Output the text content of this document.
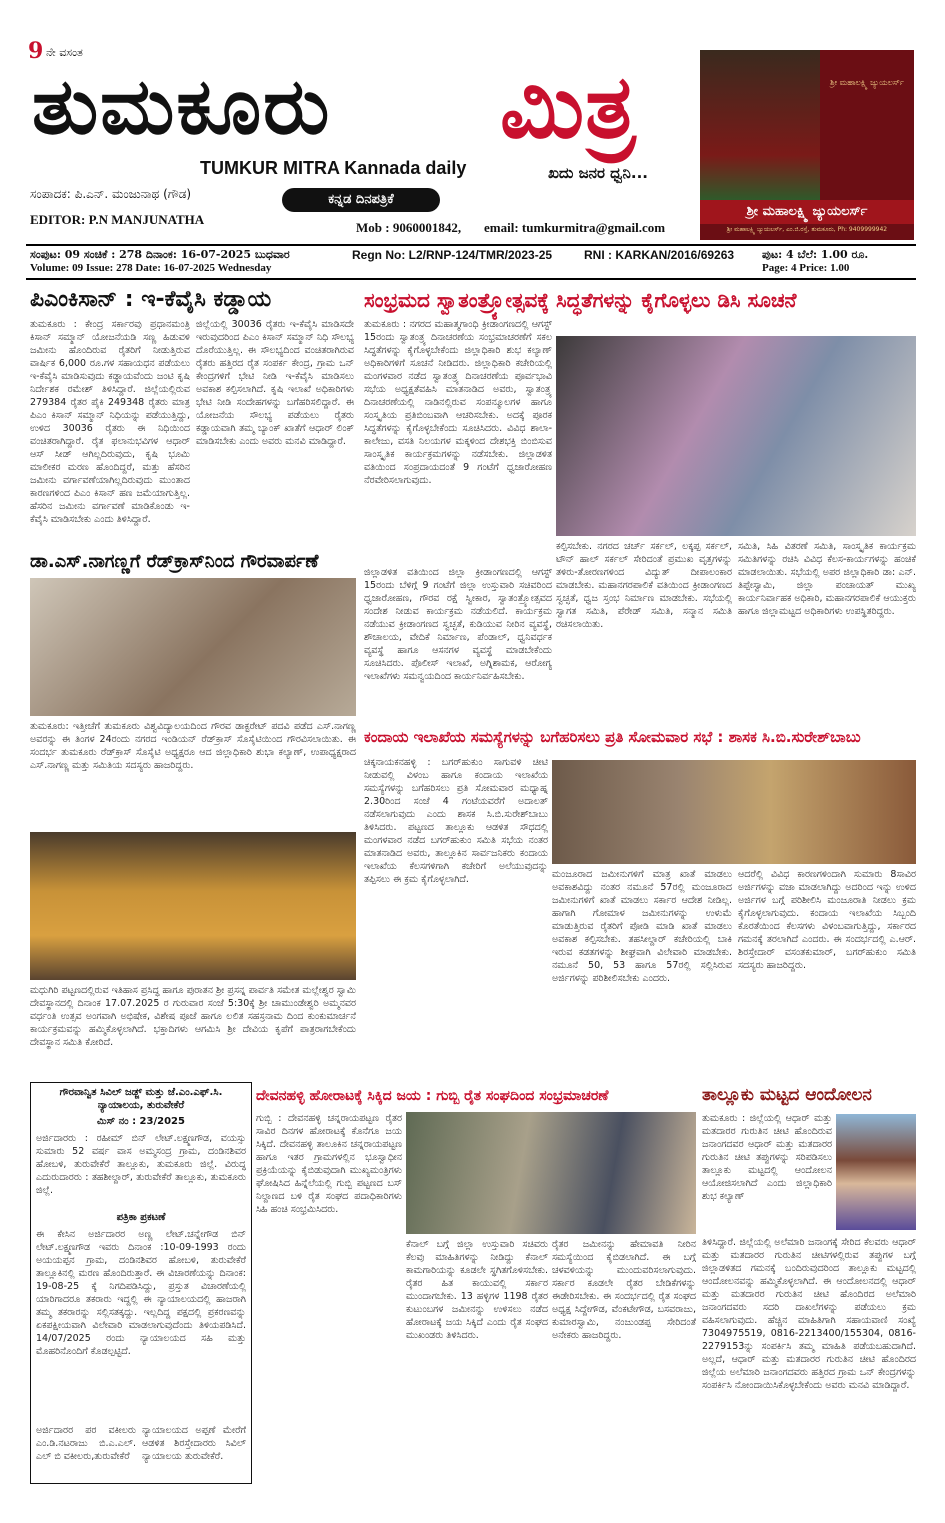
9 ನೇ ವಸಂತ
ತುಮಕೂರು ಮಿತ್ರ
TUMKUR MITRA Kannada daily	ಖದು ಜನರ ಧ್ವನಿ...
ಸಂಪಾದಕ: ಪಿ.ಎನ್. ಮಂಜುನಾಥ (ಗೌಡ)	ಕನ್ನಡ ದಿನಪತ್ರಿಕೆ
EDITOR: P.N MANJUNATHA
Mob : 9060001842, email: tumkurmitra@gmail.com
ಶ್ರೀ ಮಹಾಲಕ್ಷ್ಮಿ ಜ್ಯುಯಲರ್ಸ್
ಶ್ರೀ ಮಹಾಲಕ್ಷ್ಮಿ ಜ್ಯುಯಲರ್ಸ್
ಶ್ರೀ ಮಹಾಲಕ್ಷ್ಮಿ ಜ್ಯುಯಲರ್ಸ್, ಎಂ.ಜಿ.ರಸ್ತೆ, ತುಮಕೂರು, Ph: 9409999942
ಸಂಪುಟ: 09 ಸಂಚಿಕೆ : 278 ದಿನಾಂಕ: 16-07-2025 ಬುಧವಾರ
Volume: 09 Issue: 278 Date: 16-07-2025 Wednesday
Regn No: L2/RNP-124/TMR/2023-25	RNI : KARKAN/2016/69263	ಪುಟ: 4 ಬೆಲೆ: 1.00 ರೂ.
Page: 4 Price: 1.00
ಪಿಎಂಕಿಸಾನ್ : ಇ-ಕೆವೈಸಿ ಕಡ್ಡಾಯ
ತುಮಕೂರು : ಕೇಂದ್ರ ಸರ್ಕಾರವು ಪ್ರಧಾನಮಂತ್ರಿ ಕಿಸಾನ್ ಸಮ್ಮಾನ್ ಯೋಜನೆಯಡಿ ಸಣ್ಣ ಹಿಡುವಳಿ ಜಮೀನು ಹೊಂದಿರುವ ರೈತರಿಗೆ ನೀಡುತ್ತಿರುವ ವಾರ್ಷಿಕ 6,000 ರೂ.ಗಳ ಸಹಾಯಧನ ಪಡೆಯಲು ಇ-ಕೆವೈಸಿ ಮಾಡಿಸುವುದು ಕಡ್ಡಾಯವೆಂದು ಜಂಟಿ ಕೃಷಿ ನಿರ್ದೇಶಕ ರಮೇಶ್ ತಿಳಿಸಿದ್ದಾರೆ. ಜಿಲ್ಲೆಯಲ್ಲಿರುವ 279384 ರೈತರ ಪೈಕಿ 249348 ರೈತರು ಮಾತ್ರ ಪಿಎಂ ಕಿಸಾನ್ ಸಮ್ಮಾನ್ ನಿಧಿಯನ್ನು ಪಡೆಯುತ್ತಿದ್ದು, ಉಳಿದ 30036 ರೈತರು ಈ ನಿಧಿಯಿಂದ ವಂಚಿತರಾಗಿದ್ದಾರೆ. ರೈತ ಫಲಾನುಭವಿಗಳ ಆಧಾರ್ ಆಸ್ ಸೀಡ್ ಆಗಿಲ್ಲದಿರುವುದು, ಕೃಷಿ ಭೂಮಿ ಮಾಲೀಕರ ಮರಣ ಹೊಂದಿದ್ದರೆ, ಮತ್ತು ಹೆಸರಿನ ಜಮೀನು ವರ್ಗಾವಣೆಯಾಗಿಲ್ಲದಿರುವುದು ಮುಂತಾದ ಕಾರಣಗಳಿಂದ ಪಿಎಂ ಕಿಸಾನ್ ಹಣ ಜಮೆಯಾಗುತ್ತಿಲ್ಲ. ಹೆಸರಿನ ಜಮೀನು ವರ್ಗಾವಣೆ ಮಾಡಿಕೊಂಡು ಇ-ಕೆವೈಸಿ ಮಾಡಿಸಬೇಕು ಎಂದು ತಿಳಿಸಿದ್ದಾರೆ.
ಜಿಲ್ಲೆಯಲ್ಲಿ 30036 ರೈತರು ಇ-ಕೆವೈಸಿ ಮಾಡಿಸದೇ ಇರುವುದರಿಂದ ಪಿಎಂ ಕಿಸಾನ್ ಸಮ್ಮಾನ್ ನಿಧಿ ಸೌಲಭ್ಯ ದೊರೆಯುತ್ತಿಲ್ಲ. ಈ ಸೌಲಭ್ಯದಿಂದ ವಂಚಿತರಾಗಿರುವ ರೈತರು ಹತ್ತಿರದ ರೈತ ಸಂಪರ್ಕ ಕೇಂದ್ರ, ಗ್ರಾಮ ಒನ್ ಕೇಂದ್ರಗಳಿಗೆ ಭೇಟಿ ನೀಡಿ ಇ-ಕೆವೈಸಿ ಮಾಡಿಸಲು ಅವಕಾಶ ಕಲ್ಪಿಸಲಾಗಿದೆ. ಕೃಷಿ ಇಲಾಖೆ ಅಧಿಕಾರಿಗಳು ಭೇಟಿ ನೀಡಿ ಸಂದೇಹಗಳನ್ನು ಬಗೆಹರಿಸಲಿದ್ದಾರೆ. ಈ ಯೋಜನೆಯ ಸೌಲಭ್ಯ ಪಡೆಯಲು ರೈತರು ಕಡ್ಡಾಯವಾಗಿ ತಮ್ಮ ಬ್ಯಾಂಕ್ ಖಾತೆಗೆ ಆಧಾರ್ ಲಿಂಕ್ ಮಾಡಿಸಬೇಕು ಎಂದು ಅವರು ಮನವಿ ಮಾಡಿದ್ದಾರೆ.
ಡಾ.ಎಸ್.ನಾಗಣ್ಣಗೆ ರೆಡ್‌ಕ್ರಾಸ್‌ನಿಂದ ಗೌರವಾರ್ಪಣೆ
ತುಮಕೂರು: ಇತ್ತೀಚೆಗೆ ತುಮಕೂರು ವಿಶ್ವವಿದ್ಯಾಲಯದಿಂದ ಗೌರವ ಡಾಕ್ಟರೇಟ್ ಪದವಿ ಪಡೆದ ಎಸ್.ನಾಗಣ್ಣ ಅವರನ್ನು ಈ ತಿಂಗಳ 24ರಂದು ನಗರದ ಇಂಡಿಯನ್ ರೆಡ್‌ಕ್ರಾಸ್ ಸೊಸೈಟಿಯಿಂದ ಗೌರವಿಸಲಾಯಿತು. ಈ ಸಂದರ್ಭ ತುಮಕೂರು ರೆಡ್‌ಕ್ರಾಸ್ ಸೊಸೈಟಿ ಅಧ್ಯಕ್ಷರೂ ಆದ ಜಿಲ್ಲಾಧಿಕಾರಿ ಶುಭಾ ಕಲ್ಯಾಣ್, ಉಪಾಧ್ಯಕ್ಷರಾದ ಎಸ್.ನಾಗಣ್ಣ ಮತ್ತು ಸಮಿತಿಯ ಸದಸ್ಯರು ಹಾಜರಿದ್ದರು.
ಮಧುಗಿರಿ ಪಟ್ಟಣದಲ್ಲಿರುವ ಇತಿಹಾಸ ಪ್ರಸಿದ್ಧ ಹಾಗೂ ಪುರಾತನ ಶ್ರೀ ಪ್ರಸನ್ನ ಪಾರ್ವತಿ ಸಮೇತ ಮಲ್ಲೇಶ್ವರ ಸ್ವಾಮಿ ದೇವಸ್ಥಾನದಲ್ಲಿ ದಿನಾಂಕ 17.07.2025 ರ ಗುರುವಾರ ಸಂಜೆ 5:30ಕ್ಕೆ ಶ್ರೀ ಚಾಮುಂಡೇಶ್ವರಿ ಅಮ್ಮನವರ ವರ್ಧಂತಿ ಉತ್ಸವ ಅಂಗವಾಗಿ ಅಭಿಷೇಕ, ವಿಶೇಷ ಪೂಜೆ ಹಾಗೂ ಲಲಿತ ಸಹಸ್ರನಾಮ ದಿಂದ ಕುಂಕುಮಾರ್ಚನೆ ಕಾರ್ಯಕ್ರಮವನ್ನು ಹಮ್ಮಿಕೊಳ್ಳಲಾಗಿದೆ. ಭಕ್ತಾದಿಗಳು ಆಗಮಿಸಿ ಶ್ರೀ ದೇವಿಯ ಕೃಪೆಗೆ ಪಾತ್ರರಾಗಬೇಕೆಂದು ದೇವಸ್ಥಾನ ಸಮಿತಿ ಕೋರಿದೆ.
ಗೌರವಾನ್ವಿತ ಸಿವಿಲ್ ಜಡ್ಜ್ ಮತ್ತು ಜೆ.ಎಂ.ಎಫ್.ಸಿ. ನ್ಯಾಯಾಲಯ, ತುರುವೇಕೆರೆ
ಮಿಸ್ ನಂ : 23/2025
ಅರ್ಜಿದಾರರು : ರಹೀಮ್ ಬಿನ್ ಲೇಟ್.ಲಕ್ಷ್ಮಣಗೌಡ, ವಯಸ್ಸು ಸುಮಾರು 52 ವರ್ಷ ವಾಸ ಅಮ್ಮಸಂದ್ರ ಗ್ರಾಮ, ದಂಡಿನಶಿವರ ಹೋಬಳಿ, ತುರುವೇಕೆರೆ ತಾಲ್ಲೂಕು, ತುಮಕೂರು ಜಿಲ್ಲೆ. ವಿರುದ್ಧ ಎದುರುದಾರರು : ತಹಶೀಲ್ದಾರ್, ತುರುವೇಕೆರೆ ತಾಲ್ಲೂಕು, ತುಮಕೂರು ಜಿಲ್ಲೆ.
ಪತ್ರಿಕಾ ಪ್ರಕಟಣೆ
ಈ ಕೇಸಿನ ಅರ್ಜಿದಾರರ ಅಣ್ಣ ಲೇಟ್.ಚನ್ನೇಗೌಡ ಬಿನ್ ಲೇಟ್.ಲಕ್ಷ್ಮಣಗೌಡ ಇವರು ದಿನಾಂಕ :10-09-1993 ರಂದು ಅಯಯಪ್ಪನ ಗ್ರಾಮ, ದಂಡಿನಶಿವರ ಹೋಬಳಿ, ತುರುವೇಕೆರೆ ತಾಲ್ಲೂಕಿನಲ್ಲಿ ಮರಣ ಹೊಂದಿರುತ್ತಾರೆ. ಈ ವಿಚಾರಣೆಯನ್ನು ದಿನಾಂಕ: 19-08-25 ಕ್ಕೆ ನಿಗದಿಪಡಿಸಿದ್ದು, ಪ್ರಸ್ತುತ ವಿಚಾರಣೆಯಲ್ಲಿ ಯಾರಿಗಾದರೂ ತಕರಾರು ಇದ್ದಲ್ಲಿ ಈ ನ್ಯಾಯಾಲಯದಲ್ಲಿ ಹಾಜರಾಗಿ ತಮ್ಮ ತಕರಾರನ್ನು ಸಲ್ಲಿಸತಕ್ಕದ್ದು. ಇಲ್ಲದಿದ್ದ ಪಕ್ಷದಲ್ಲಿ ಪ್ರಕರಣವನ್ನು ಏಕಪಕ್ಷೀಯವಾಗಿ ವಿಲೇವಾರಿ ಮಾಡಲಾಗುವುದೆಂದು ತಿಳಿಯಪಡಿಸಿದೆ. 14/07/2025 ರಂದು ನ್ಯಾಯಾಲಯದ ಸಹಿ ಮತ್ತು ಮೊಹರಿನೊಂದಿಗೆ ಕೊಡಲ್ಪಟ್ಟಿದೆ.
ಅರ್ಜಿದಾರರ ಪರ ವಕೀಲರು ಎಂ.ಡಿ.ನಟರಾಜು ಬಿ.ಎ.ಎಲ್. ಎಲ್ ಬಿ ವಕೀಲರು,ತುರುವೇಕೆರೆ
ನ್ಯಾಯಾಲಯದ ಅಪ್ಪಣೆ ಮೇರೆಗೆ ಆಡಳಿತ ಶಿರಸ್ತೇದಾರರು ಸಿವಿಲ್ ನ್ಯಾಯಾಲಯ ತುರುವೇಕೆರೆ.
ಸಂಭ್ರಮದ ಸ್ವಾತಂತ್ರ್ಯೋತ್ಸವಕ್ಕೆ ಸಿದ್ಧತೆಗಳನ್ನು ಕೈಗೊಳ್ಳಲು ಡಿಸಿ ಸೂಚನೆ
ತುಮಕೂರು : ನಗರದ ಮಹಾತ್ಮಗಾಂಧಿ ಕ್ರೀಡಾಂಗಣದಲ್ಲಿ ಆಗಸ್ಟ್ 15ರಂದು ಸ್ವಾತಂತ್ರ್ಯ ದಿನಾಚರಣೆಯ ಸಂಭ್ರಮಾಚರಣೆಗೆ ಸಕಲ ಸಿದ್ಧತೆಗಳನ್ನು ಕೈಗೊಳ್ಳಬೇಕೆಂದು ಜಿಲ್ಲಾಧಿಕಾರಿ ಶುಭ ಕಲ್ಯಾಣ್ ಅಧಿಕಾರಿಗಳಿಗೆ ಸೂಚನೆ ನೀಡಿದರು. ಜಿಲ್ಲಾಧಿಕಾರಿ ಕಚೇರಿಯಲ್ಲಿ ಮಂಗಳವಾರ ನಡೆದ ಸ್ವಾತಂತ್ರ್ಯ ದಿನಾಚರಣೆಯ ಪೂರ್ವಭಾವಿ ಸಭೆಯ ಅಧ್ಯಕ್ಷತೆವಹಿಸಿ ಮಾತನಾಡಿದ ಅವರು, ಸ್ವಾತಂತ್ರ್ಯ ದಿನಾಚರಣೆಯಲ್ಲಿ ನಾಡಿನಲ್ಲಿರುವ ಸಂಪನ್ಮೂಲಗಳ ಹಾಗೂ ಸಂಸ್ಕೃತಿಯ ಪ್ರತಿಬಿಂಬವಾಗಿ ಆಚರಿಸಬೇಕು. ಅದಕ್ಕೆ ಪೂರಕ ಸಿದ್ಧತೆಗಳನ್ನು ಕೈಗೊಳ್ಳಬೇಕೆಂದು ಸೂಚಿಸಿದರು. ವಿವಿಧ ಶಾಲಾ-ಕಾಲೇಜು, ವಸತಿ ನಿಲಯಗಳ ಮಕ್ಕಳಿಂದ ದೇಶಭಕ್ತಿ ಬಿಂಬಿಸುವ ಸಾಂಸ್ಕೃತಿಕ ಕಾರ್ಯಕ್ರಮಗಳನ್ನು ನಡೆಸಬೇಕು. ಜಿಲ್ಲಾಡಳಿತ ವತಿಯಿಂದ ಸಂಪ್ರದಾಯದಂತೆ 9 ಗಂಟೆಗೆ ಧ್ವಜಾರೋಹಣ ನೆರವೇರಿಸಲಾಗುವುದು.
ಜಿಲ್ಲಾಡಳಿತ ವತಿಯಿಂದ ಜಿಲ್ಲಾ ಕ್ರೀಡಾಂಗಣದಲ್ಲಿ ಆಗಸ್ಟ್ 15ರಂದು ಬೆಳಿಗ್ಗೆ 9 ಗಂಟೆಗೆ ಜಿಲ್ಲಾ ಉಸ್ತುವಾರಿ ಸಚಿವರಿಂದ ಧ್ವಜಾರೋಹಣ, ಗೌರವ ರಕ್ಷೆ ಸ್ವೀಕಾರ, ಸ್ವಾತಂತ್ರ್ಯೋತ್ಸವದ ಸಂದೇಶ ನೀಡುವ ಕಾರ್ಯಕ್ರಮ ನಡೆಯಲಿದೆ. ಕಾರ್ಯಕ್ರಮ ನಡೆಯುವ ಕ್ರೀಡಾಂಗಣದ ಸ್ವಚ್ಛತೆ, ಕುಡಿಯುವ ನೀರಿನ ವ್ಯವಸ್ಥೆ, ಶೌಚಾಲಯ, ವೇದಿಕೆ ನಿರ್ಮಾಣ, ಪೆಂಡಾಲ್, ಧ್ವನಿವರ್ಧಕ ವ್ಯವಸ್ಥೆ ಹಾಗೂ ಆಸನಗಳ ವ್ಯವಸ್ಥೆ ಮಾಡಬೇಕೆಂದು ಸೂಚಿಸಿದರು. ಪೊಲೀಸ್ ಇಲಾಖೆ, ಅಗ್ನಿಶಾಮಕ, ಆರೋಗ್ಯ ಇಲಾಖೆಗಳು ಸಮನ್ವಯದಿಂದ ಕಾರ್ಯನಿರ್ವಹಿಸಬೇಕು.
ಕಲ್ಪಿಸಬೇಕು. ನಗರದ ಚರ್ಚ್ ಸರ್ಕಲ್, ಲಕ್ಕಪ್ಪ ಸರ್ಕಲ್, ಟೌನ್ ಹಾಲ್ ಸರ್ಕಲ್ ಸೇರಿದಂತೆ ಪ್ರಮುಖ ವೃತ್ತಗಳನ್ನು ತಳಿರು-ತೋರಣಗಳಿಂದ ವಿದ್ಯುತ್ ದೀಪಾಲಂಕಾರ ಮಾಡಬೇಕು. ಮಹಾನಗರಪಾಲಿಕೆ ವತಿಯಿಂದ ಕ್ರೀಡಾಂಗಣದ ಸ್ವಚ್ಛತೆ, ಧ್ವಜ ಸ್ತಂಭ ನಿರ್ಮಾಣ ಮಾಡಬೇಕು. ಸಭೆಯಲ್ಲಿ ಸ್ವಾಗತ ಸಮಿತಿ, ಪೆರೇಡ್ ಸಮಿತಿ, ಸನ್ಮಾನ ಸಮಿತಿ ರಚಿಸಲಾಯಿತು.
ಸಮಿತಿ, ಸಿಹಿ ವಿತರಣೆ ಸಮಿತಿ, ಸಾಂಸ್ಕೃತಿಕ ಕಾರ್ಯಕ್ರಮ ಸಮಿತಿಗಳನ್ನು ರಚಿಸಿ ವಿವಿಧ ಕೆಲಸ-ಕಾರ್ಯಗಳನ್ನು ಹಂಚಿಕೆ ಮಾಡಲಾಯಿತು. ಸಭೆಯಲ್ಲಿ ಅಪರ ಜಿಲ್ಲಾಧಿಕಾರಿ ಡಾ: ಎನ್. ತಿಪ್ಪೇಸ್ವಾಮಿ, ಜಿಲ್ಲಾ ಪಂಚಾಯತ್ ಮುಖ್ಯ ಕಾರ್ಯನಿರ್ವಾಹಕ ಅಧಿಕಾರಿ, ಮಹಾನಗರಪಾಲಿಕೆ ಆಯುಕ್ತರು ಹಾಗೂ ಜಿಲ್ಲಾಮಟ್ಟದ ಅಧಿಕಾರಿಗಳು ಉಪಸ್ಥಿತರಿದ್ದರು.
ಕಂದಾಯ ಇಲಾಖೆಯ ಸಮಸ್ಯೆಗಳನ್ನು ಬಗೆಹರಿಸಲು ಪ್ರತಿ ಸೋಮವಾರ ಸಭೆ : ಶಾಸಕ ಸಿ.ಬಿ.ಸುರೇಶ್‌ಬಾಬು
ಚಿಕ್ಕನಾಯಕನಹಳ್ಳಿ : ಬಗರ್‌ಹುಕುಂ ಸಾಗುವಳಿ ಚೀಟಿ ನೀಡುವಲ್ಲಿ ವಿಳಂಬ ಹಾಗೂ ಕಂದಾಯ ಇಲಾಖೆಯ ಸಮಸ್ಯೆಗಳನ್ನು ಬಗೆಹರಿಸಲು ಪ್ರತಿ ಸೋಮವಾರ ಮಧ್ಯಾಹ್ನ 2.30ರಿಂದ ಸಂಜೆ 4 ಗಂಟೆಯವರೆಗೆ ಅದಾಲತ್ ನಡೆಸಲಾಗುವುದು ಎಂದು ಶಾಸಕ ಸಿ.ಬಿ.ಸುರೇಶ್‌ಬಾಬು ತಿಳಿಸಿದರು. ಪಟ್ಟಣದ ತಾಲ್ಲೂಕು ಆಡಳಿತ ಸೌಧದಲ್ಲಿ ಮಂಗಳವಾರ ನಡೆದ ಬಗರ್‌ಹುಕುಂ ಸಮಿತಿ ಸಭೆಯ ನಂತರ ಮಾತನಾಡಿದ ಅವರು, ತಾಲ್ಲೂಕಿನ ಸಾರ್ವಜನಿಕರು ಕಂದಾಯ ಇಲಾಖೆಯ ಕೆಲಸಗಳಿಗಾಗಿ ಕಚೇರಿಗೆ ಅಲೆಯುವುದನ್ನು ತಪ್ಪಿಸಲು ಈ ಕ್ರಮ ಕೈಗೊಳ್ಳಲಾಗಿದೆ.	ಮಂಜೂರಾದ ಜಮೀನುಗಳಿಗೆ ಮಾತ್ರ ಖಾತೆ ಮಾಡಲು ಅವಕಾಶವಿದ್ದು ನಂತರ ನಮೂನೆ 57ರಲ್ಲಿ ಮಂಜೂರಾದ ಜಮೀನುಗಳಿಗೆ ಖಾತೆ ಮಾಡಲು ಸರ್ಕಾರ ಆದೇಶ ನೀಡಿಲ್ಲ. ಹಾಗಾಗಿ ಗೋಮಾಳ ಜಮೀನುಗಳನ್ನು ಉಳುಮೆ ಮಾಡುತ್ತಿರುವ ರೈತರಿಗೆ ಪೋಡಿ ಮಾಡಿ ಖಾತೆ ಮಾಡಲು ಅವಕಾಶ ಕಲ್ಪಿಸಬೇಕು. ತಹಸೀಲ್ದಾರ್ ಕಚೇರಿಯಲ್ಲಿ ಬಾಕಿ ಇರುವ ಕಡತಗಳನ್ನು ಶೀಘ್ರವಾಗಿ ವಿಲೇವಾರಿ ಮಾಡಬೇಕು. ನಮೂನೆ 50, 53 ಹಾಗೂ 57ರಲ್ಲಿ ಸಲ್ಲಿಸಿರುವ ಅರ್ಜಿಗಳನ್ನು ಪರಿಶೀಲಿಸಬೇಕು ಎಂದರು.
ಆದರೆಲ್ಲಿ ವಿವಿಧ ಕಾರಣಗಳಿಂದಾಗಿ ಸುಮಾರು 8ಸಾವಿರ ಅರ್ಜಿಗಳನ್ನು ವಜಾ ಮಾಡಲಾಗಿದ್ದು ಅದರಿಂದ ಇನ್ನು ಉಳಿದ ಅರ್ಜಿಗಳ ಬಗ್ಗೆ ಪರಿಶೀಲಿಸಿ ಮಂಜೂರಾತಿ ನೀಡಲು ಕ್ರಮ ಕೈಗೊಳ್ಳಲಾಗುವುದು. ಕಂದಾಯ ಇಲಾಖೆಯ ಸಿಬ್ಬಂದಿ ಕೊರತೆಯಿಂದ ಕೆಲಸಗಳು ವಿಳಂಬವಾಗುತ್ತಿದ್ದು, ಸರ್ಕಾರದ ಗಮನಕ್ಕೆ ತರಲಾಗಿದೆ ಎಂದರು. ಈ ಸಂದರ್ಭದಲ್ಲಿ ಎ.ಆರ್. ಶಿರಸ್ತೇದಾರ್ ವಸಂತಕುಮಾರ್, ಬಗರ್‌ಹುಕುಂ ಸಮಿತಿ ಸದಸ್ಯರು ಹಾಜರಿದ್ದರು.
ದೇವನಹಳ್ಳಿ ಹೋರಾಟಕ್ಕೆ ಸಿಕ್ಕಿದ ಜಯ : ಗುಬ್ಬಿ ರೈತ ಸಂಘದಿಂದ ಸಂಭ್ರಮಾಚರಣೆ
ಗುಬ್ಬಿ : ದೇವನಹಳ್ಳಿ ಚನ್ನರಾಯಪಟ್ಟಣ ರೈತರ ಸಾವಿರ ದಿನಗಳ ಹೋರಾಟಕ್ಕೆ ಕೊನೆಗೂ ಜಯ ಸಿಕ್ಕಿದೆ. ದೇವನಹಳ್ಳಿ ತಾಲೂಕಿನ ಚನ್ನರಾಯಪಟ್ಟಣ ಹಾಗೂ ಇತರ ಗ್ರಾಮಗಳಲ್ಲಿನ ಭೂಸ್ವಾಧೀನ ಪ್ರಕ್ರಿಯೆಯನ್ನು ಕೈಬಿಡುವುದಾಗಿ ಮುಖ್ಯಮಂತ್ರಿಗಳು ಘೋಷಿಸಿದ ಹಿನ್ನೆಲೆಯಲ್ಲಿ ಗುಬ್ಬಿ ಪಟ್ಟಣದ ಬಸ್ ನಿಲ್ದಾಣದ ಬಳಿ ರೈತ ಸಂಘದ ಪದಾಧಿಕಾರಿಗಳು ಸಿಹಿ ಹಂಚಿ ಸಂಭ್ರಮಿಸಿದರು.
ಕೆನಾಲ್ ಬಗ್ಗೆ ಜಿಲ್ಲಾ ಉಸ್ತುವಾರಿ ಸಚಿವರು ಕೆಲವು ಮಾಹಿತಿಗಳನ್ನು ನೀಡಿದ್ದು ಕೆನಾಲ್ ಕಾಮಗಾರಿಯನ್ನು ಕೂಡಲೇ ಸ್ಥಗಿತಗೊಳಿಸಬೇಕು. ರೈತರ ಹಿತ ಕಾಯುವಲ್ಲಿ ಸರ್ಕಾರ ಮುಂದಾಗಬೇಕು. 13 ಹಳ್ಳಿಗಳ 1198 ರೈತರ ಕುಟುಂಬಗಳ ಜಮೀನನ್ನು ಉಳಿಸಲು ನಡೆದ ಹೋರಾಟಕ್ಕೆ ಜಯ ಸಿಕ್ಕಿದೆ ಎಂದು ರೈತ ಸಂಘದ ಮುಖಂಡರು ತಿಳಿಸಿದರು.
ರೈತರ ಜಮೀನನ್ನು ಹೇಮಾವತಿ ನೀರಿನ ಸಮಸ್ಯೆಯಿಂದ ಕೈಬಿಡಲಾಗಿದೆ. ಈ ಬಗ್ಗೆ ಚಳವಳಿಯನ್ನು ಮುಂದುವರಿಸಲಾಗುವುದು. ಸರ್ಕಾರ ಕೂಡಲೇ ರೈತರ ಬೇಡಿಕೆಗಳನ್ನು ಈಡೇರಿಸಬೇಕು. ಈ ಸಂದರ್ಭದಲ್ಲಿ ರೈತ ಸಂಘದ ಅಧ್ಯಕ್ಷ ಸಿದ್ದೇಗೌಡ, ವೆಂಕಟೇಗೌಡ, ಬಸವರಾಜು, ಕುಮಾರಸ್ವಾಮಿ, ನಂಜುಂಡಪ್ಪ ಸೇರಿದಂತೆ ಅನೇಕರು ಹಾಜರಿದ್ದರು.
ತಾಲ್ಲೂಕು ಮಟ್ಟದ ಆಂದೋಲನ
ತುಮಕೂರು : ಜಿಲ್ಲೆಯಲ್ಲಿ ಆಧಾರ್ ಮತ್ತು ಮತದಾರರ ಗುರುತಿನ ಚೀಟಿ ಹೊಂದಿರುವ ಜನಾಂಗದವರ ಆಧಾರ್ ಮತ್ತು ಮತದಾರರ ಗುರುತಿನ ಚೀಟಿ ತಪ್ಪುಗಳನ್ನು ಸರಿಪಡಿಸಲು ತಾಲ್ಲೂಕು ಮಟ್ಟದಲ್ಲಿ ಆಂದೋಲನ ಆಯೋಜಿಸಲಾಗಿದೆ ಎಂದು ಜಿಲ್ಲಾಧಿಕಾರಿ ಶುಭ ಕಲ್ಯಾಣ್
ತಿಳಿಸಿದ್ದಾರೆ. ಜಿಲ್ಲೆಯಲ್ಲಿ ಅಲೆಮಾರಿ ಜನಾಂಗಕ್ಕೆ ಸೇರಿದ ಕೆಲವರು ಆಧಾರ್ ಮತ್ತು ಮತದಾರರ ಗುರುತಿನ ಚೀಟಿಗಳಲ್ಲಿರುವ ತಪ್ಪುಗಳ ಬಗ್ಗೆ ಜಿಲ್ಲಾಡಳಿತದ ಗಮನಕ್ಕೆ ಬಂದಿರುವುದರಿಂದ ತಾಲ್ಲೂಕು ಮಟ್ಟದಲ್ಲಿ ಆಂದೋಲನವನ್ನು ಹಮ್ಮಿಕೊಳ್ಳಲಾಗಿದೆ. ಈ ಆಂದೋಲನದಲ್ಲಿ ಆಧಾರ್ ಮತ್ತು ಮತದಾರರ ಗುರುತಿನ ಚೀಟಿ ಹೊಂದಿರದ ಅಲೆಮಾರಿ ಜನಾಂಗದವರು ಸದರಿ ದಾಖಲೆಗಳನ್ನು ಪಡೆಯಲು ಕ್ರಮ ವಹಿಸಲಾಗುವುದು. ಹೆಚ್ಚಿನ ಮಾಹಿತಿಗಾಗಿ ಸಹಾಯವಾಣಿ ಸಂಖ್ಯೆ 7304975519, 0816-2213400/155304, 0816-2279153ನ್ನು ಸಂಪರ್ಕಿಸಿ ತಮ್ಮ ಮಾಹಿತಿ ಪಡೆಯಬಹುದಾಗಿದೆ. ಅಲ್ಲದೆ, ಆಧಾರ್ ಮತ್ತು ಮತದಾರರ ಗುರುತಿನ ಚೀಟಿ ಹೊಂದಿರದ ಜಿಲ್ಲೆಯ ಅಲೆಮಾರಿ ಜನಾಂಗದವರು ಹತ್ತಿರದ ಗ್ರಾಮ ಒನ್ ಕೇಂದ್ರಗಳನ್ನು ಸಂಪರ್ಕಿಸಿ ನೋಂದಾಯಿಸಿಕೊಳ್ಳಬೇಕೆಂದು ಅವರು ಮನವಿ ಮಾಡಿದ್ದಾರೆ.
